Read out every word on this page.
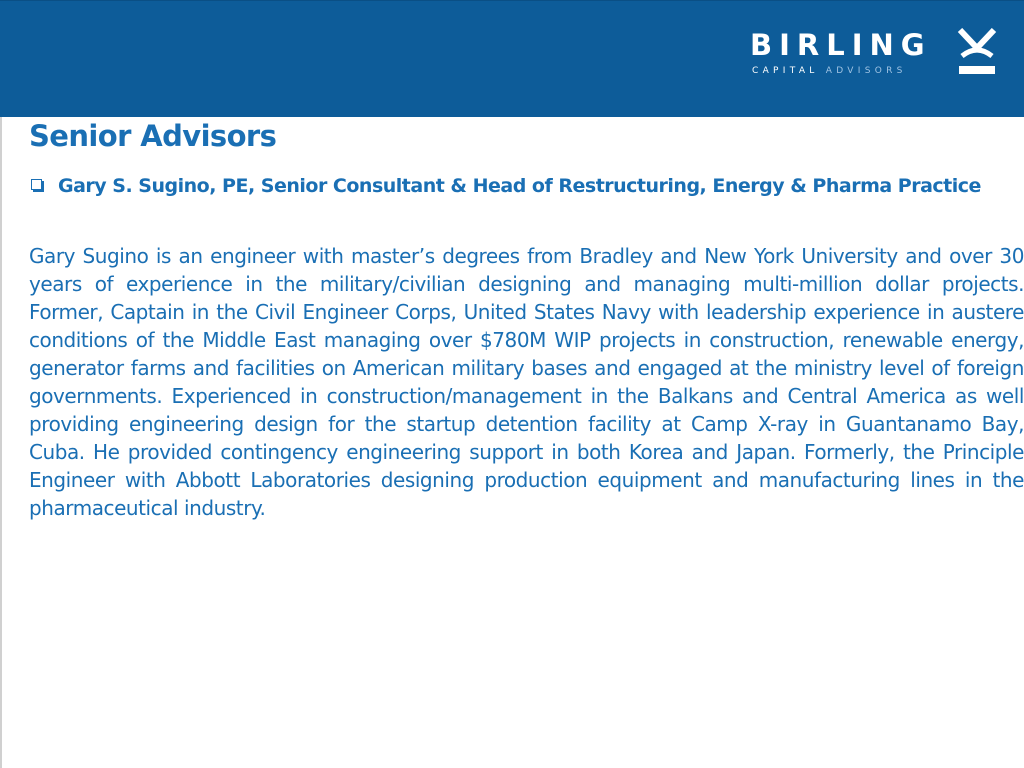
BIRLING
CAPITAL ADVISORS
Senior Advisors
Gary S. Sugino, PE, Senior Consultant & Head of Restructuring, Energy & Pharma Practice

Gary Sugino is an engineer with master’s degrees from Bradley and New York University and over 30 years of experience in the military/civilian designing and managing multi-million dollar projects. Former, Captain in the Civil Engineer Corps, United States Navy with leadership experience in austere conditions of the Middle East managing over $780M WIP projects in construction, renewable energy, generator farms and facilities on American military bases and engaged at the ministry level of foreign governments. Experienced in construction/management in the Balkans and Central America as well providing engineering design for the startup detention facility at Camp X-ray in Guantanamo Bay, Cuba. He provided contingency engineering support in both Korea and Japan. Formerly, the Principle Engineer with Abbott Laboratories designing production equipment and manufacturing lines in the pharmaceutical industry.
